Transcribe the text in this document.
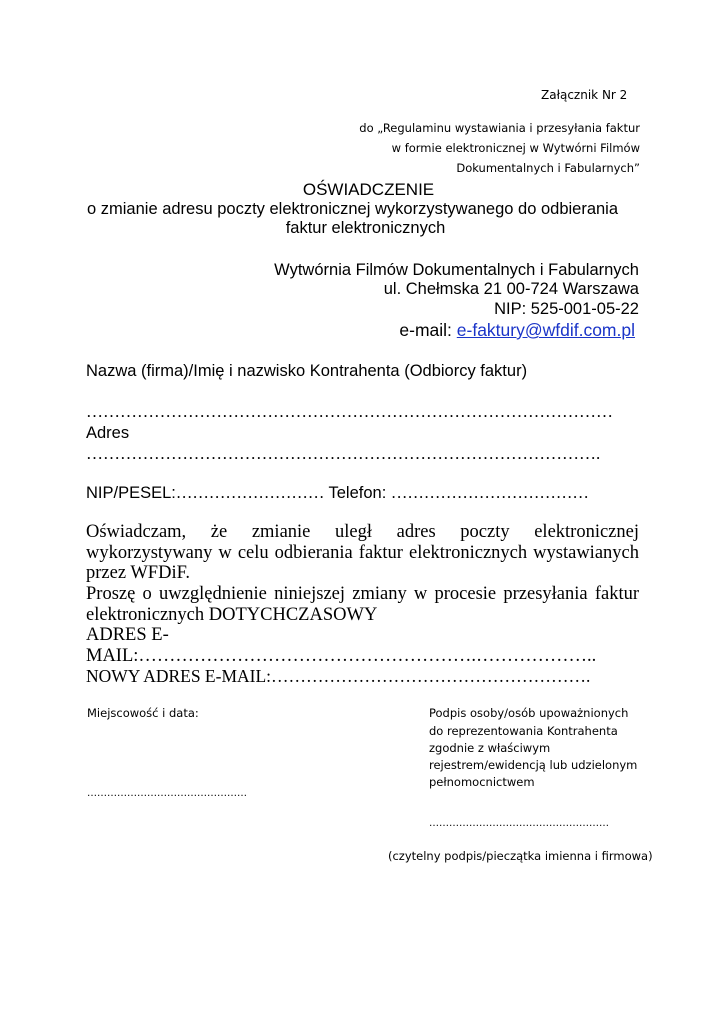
Załącznik Nr 2
do „Regulaminu wystawiania i przesyłania faktur
w formie elektronicznej w Wytwórni Filmów
Dokumentalnych i Fabularnych”
OŚWIADCZENIE
o zmianie adresu poczty elektronicznej wykorzystywanego do odbierania
faktur elektronicznych
Wytwórnia Filmów Dokumentalnych i Fabularnych
ul. Chełmska 21 00-724 Warszawa
NIP: 525-001-05-22
e-mail: e-faktury@wfdif.com.pl
Nazwa (firma)/Imię i nazwisko Kontrahenta (Odbiorcy faktur)
…………………………………………………………………………………
Adres
……………………………………………………………………………….
NIP/PESEL:……………………… Telefon: ………………………………
Oświadczam, że zmianie uległ adres poczty elektronicznej
wykorzystywany w celu odbierania faktur elektronicznych wystawianych
przez WFDiF.
Proszę o uwzględnienie niniejszej zmiany w procesie przesyłania faktur
elektronicznych DOTYCHCZASOWY
ADRES E-MAIL:……………………………………………….………………..
NOWY ADRES E-MAIL:……………………………………………….
Miejscowość i data:
…………………………………………
Podpis osoby/osób upoważnionych
do reprezentowania Kontrahenta
zgodnie z właściwym
rejestrem/ewidencją lub udzielonym
pełnomocnictwem
………………………………………………
(czytelny podpis/pieczątka imienna i firmowa)
